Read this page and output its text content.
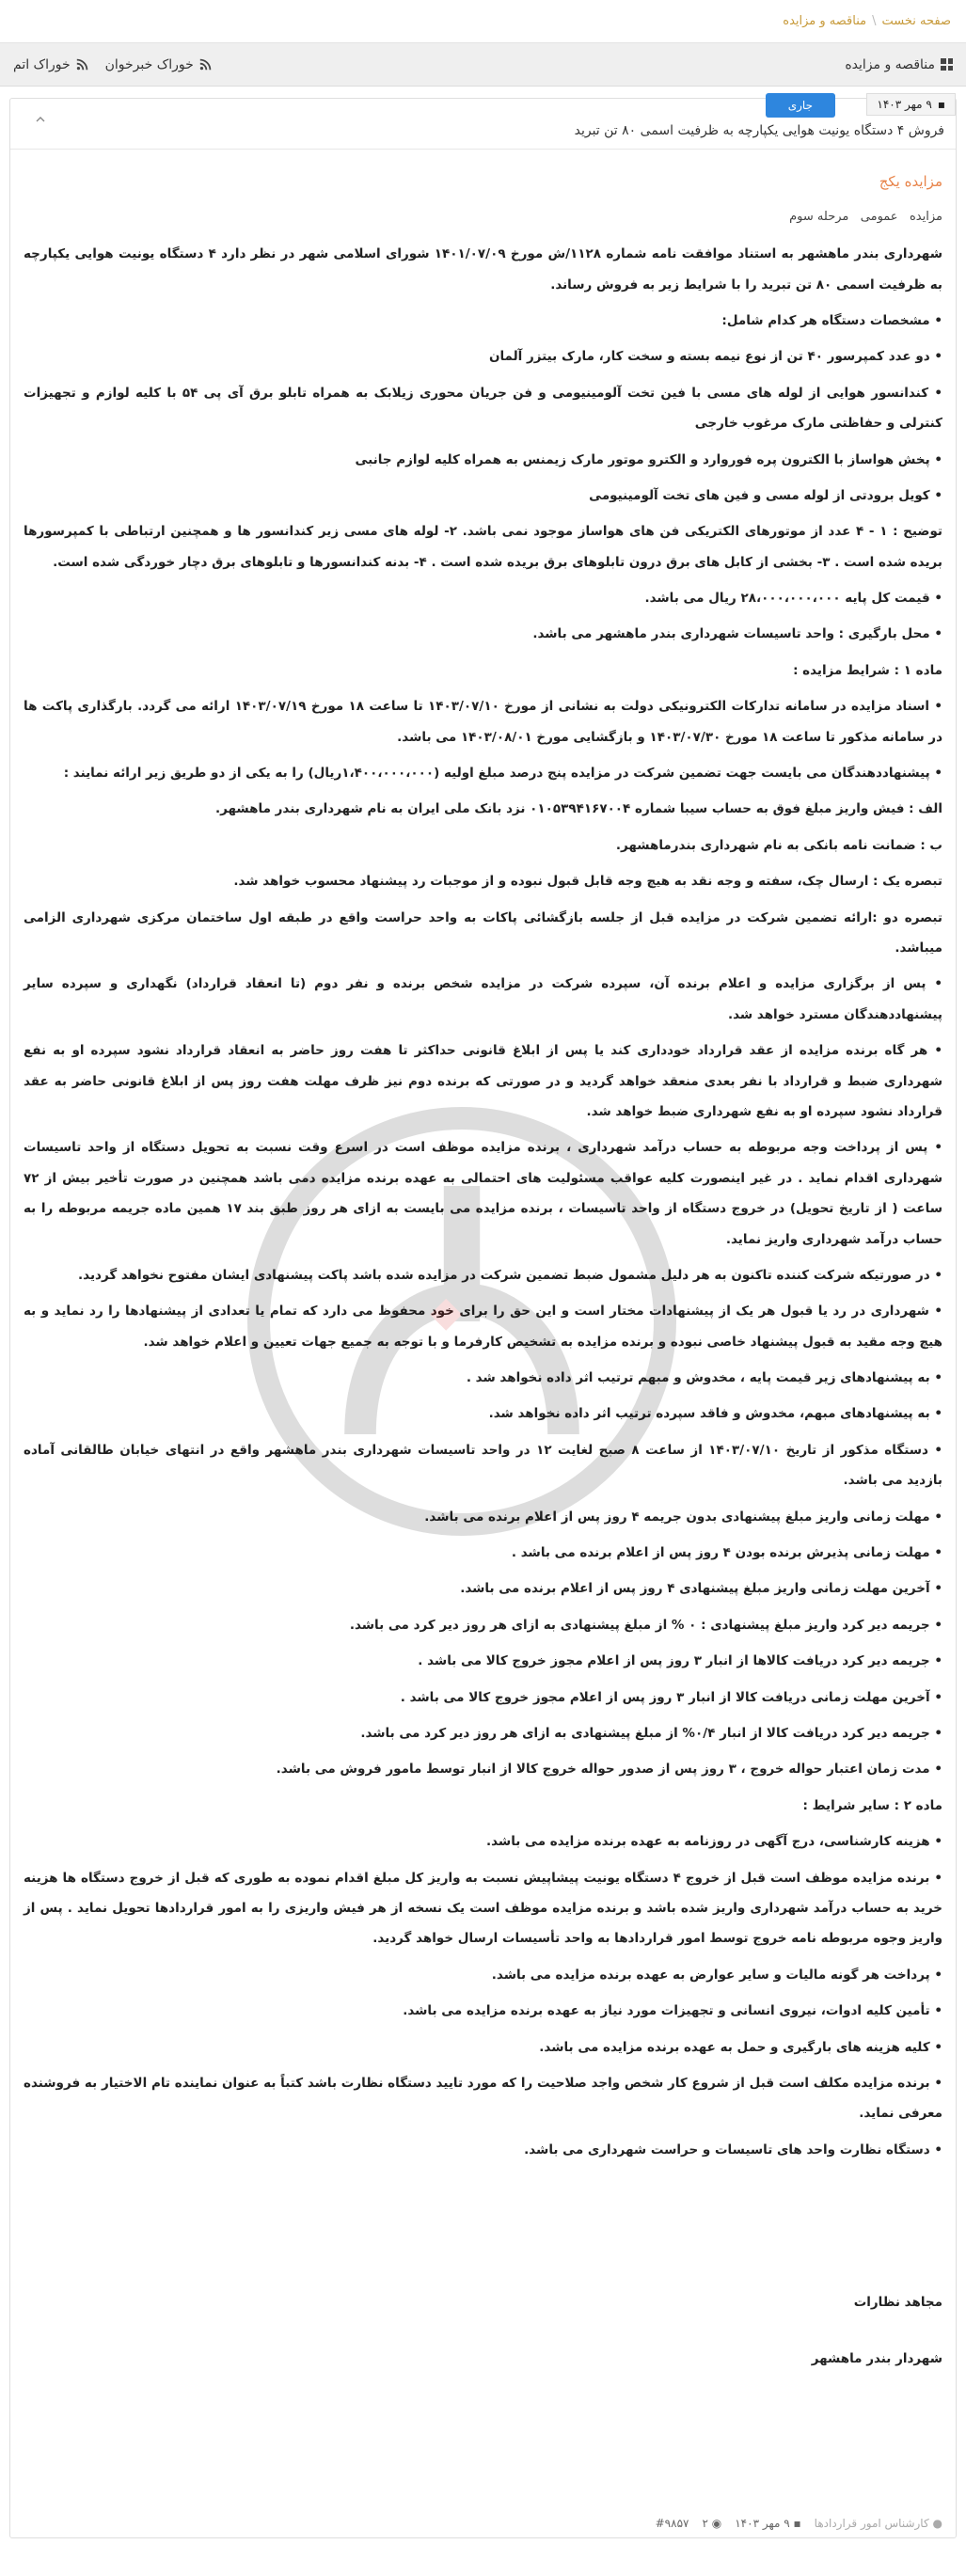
صفحه نخست
\
مناقصه و مزایده
مناقصه و مزایده
خوراک خبرخوان
خوراک اتم
▪
۹ مهر ۱۴۰۳
جاری
فروش ۴ دستگاه یونیت هوایی یکپارچه به ظرفیت اسمی ۸۰ تن تبرید
مزایده یکج
مزایده   عمومی   مرحله سوم

شهرداری بندر ماهشهر به استناد موافقت نامه شماره ۱۱۲۸/ش مورخ ۱۴۰۱/۰۷/۰۹ شورای اسلامی شهر در نظر دارد ۴ دستگاه یونیت هوایی یکپارچه به ظرفیت اسمی ۸۰ تن تبرید را با شرایط زیر به فروش رساند.

• مشخصات دستگاه هر کدام شامل:

• دو عدد کمپرسور ۴۰ تن از نوع نیمه بسته و سخت کار، مارک بیتزر آلمان

• کندانسور هوایی از لوله های مسی با فین تخت آلومینیومی و فن جریان محوری زیلابک به همراه تابلو برق آی پی ۵۴ با کلیه لوازم و تجهیزات کنترلی و حفاظتی مارک مرغوب خارجی

• پخش هواساز با الکترون پره فوروارد و الکترو موتور مارک زیمنس به همراه کلیه لوازم جانبی

• کویل برودتی از لوله مسی و فین های تخت آلومینیومی

توضیح : ۱ - ۴ عدد از موتورهای الکتریکی فن های هواساز موجود نمی باشد. ۲- لوله های مسی زیر کندانسور ها و همچنین ارتباطی با کمپرسورها بریده شده است . ۳- بخشی از کابل های برق درون تابلوهای برق بریده شده است . ۴- بدنه کندانسورها و تابلوهای برق دچار خوردگی شده است.

• قیمت کل پایه ۲۸،۰۰۰،۰۰۰،۰۰۰ ریال می باشد.

• محل بارگیری : واحد تاسیسات شهرداری بندر ماهشهر می باشد.

ماده ۱ : شرایط مزایده :

• اسناد مزایده در سامانه تدارکات الکترونیکی دولت به نشانی از مورخ ۱۴۰۳/۰۷/۱۰ تا ساعت ۱۸ مورخ ۱۴۰۳/۰۷/۱۹ ارائه می گردد. بارگذاری پاکت ها در سامانه مذکور تا ساعت ۱۸ مورخ ۱۴۰۳/۰۷/۳۰ و بازگشایی مورخ ۱۴۰۳/۰۸/۰۱ می باشد.

• پیشنهاددهندگان می بایست جهت تضمین شرکت در مزایده پنج درصد مبلغ اولیه (۱،۴۰۰،۰۰۰،۰۰۰ریال) را به یکی از دو طریق زیر ارائه نمایند :

الف : فیش واریز مبلغ فوق به حساب سیبا شماره ۰۱۰۵۳۹۴۱۶۷۰۰۴ نزد بانک ملی ایران به نام شهرداری بندر ماهشهر.

ب : ضمانت نامه بانکی به نام شهرداری بندرماهشهر.

تبصره یک : ارسال چک، سفته و وجه نقد به هیچ وجه قابل قبول نبوده و از موجبات رد پیشنهاد محسوب خواهد شد.

تبصره دو :ارائه تضمین شرکت در مزایده قبل از جلسه بازگشائی پاکات به واحد حراست واقع در طبقه اول ساختمان مرکزی شهرداری الزامی میباشد.

• پس از برگزاری مزایده و اعلام برنده آن، سپرده شرکت در مزایده شخص برنده و نفر دوم (تا انعقاد قرارداد) نگهداری و سپرده سایر پیشنهاددهندگان مسترد خواهد شد.

• هر گاه برنده مزایده از عقد قرارداد خودداری کند یا پس از ابلاغ قانونی حداکثر تا هفت روز حاضر به انعقاد قرارداد نشود سپرده او به نفع شهرداری ضبط و قرارداد با نفر بعدی منعقد خواهد گردید و در صورتی که برنده دوم نیز ظرف مهلت هفت روز پس از ابلاغ قانونی حاضر به عقد قرارداد نشود سپرده او به نفع شهرداری ضبط خواهد شد.

• پس از پرداخت وجه مربوطه به حساب درآمد شهرداری ، برنده مزایده موظف است در اسرع وقت نسبت به تحویل دستگاه از واحد تاسیسات شهرداری اقدام نماید . در غیر اینصورت کلیه عواقب مسئولیت های احتمالی به عهده برنده مزایده دمی باشد همچنین در صورت تأخیر بیش از ۷۲ ساعت ( از تاریخ تحویل) در خروج دستگاه از واحد تاسیسات ، برنده مزایده می بایست به ازای هر روز طبق بند ۱۷ همین ماده جریمه مربوطه را به حساب درآمد شهرداری واریز نماید.

• در صورتیکه شرکت کننده تاکنون به هر دلیل مشمول ضبط تضمین شرکت در مزایده شده باشد پاکت پیشنهادی ایشان مفتوح نخواهد گردید.

• شهرداری در رد یا قبول هر یک از پیشنهادات مختار است و این حق را برای خود محفوظ می دارد که تمام یا تعدادی از پیشنهادها را رد نماید و به هیچ وجه مقید به قبول پیشنهاد خاصی نبوده و برنده مزایده به تشخیص کارفرما و با توجه به جمیع جهات تعیین و اعلام خواهد شد.

• به پیشنهادهای زیر قیمت پایه ، مخدوش و مبهم ترتیب اثر داده نخواهد شد .

• به پیشنهادهای مبهم، مخدوش و فاقد سپرده ترتیب اثر داده نخواهد شد.

• دستگاه مذکور از تاریخ ۱۴۰۳/۰۷/۱۰ از ساعت ۸ صبح لغایت ۱۲ در واحد تاسیسات شهرداری بندر ماهشهر واقع در انتهای خیابان طالقانی آماده بازدید می باشد.

• مهلت زمانی واریز مبلغ پیشنهادی بدون جریمه ۴ روز پس از اعلام برنده می باشد.

• مهلت زمانی پذیرش برنده بودن ۴ روز پس از اعلام برنده می باشد .

• آخرین مهلت زمانی واریز مبلغ پیشنهادی ۴ روز پس از اعلام برنده می باشد.

• جریمه دیر کرد واریز مبلغ پیشنهادی : ۰ % از مبلغ پیشنهادی به ازای هر روز دیر کرد می باشد.

• جریمه دیر کرد دریافت کالاها از انبار ۳ روز پس از اعلام مجوز خروج کالا می باشد .

• آخرین مهلت زمانی دریافت کالا از انبار ۳ روز پس از اعلام مجوز خروج کالا می باشد .

• جریمه دیر کرد دریافت کالا از انبار ۰/۴% از مبلغ پیشنهادی به ازای هر روز دیر کرد می باشد.

• مدت زمان اعتبار حواله خروج ، ۳ روز پس از صدور حواله خروج کالا از انبار توسط مامور فروش می باشد.

ماده ۲ : سایر شرایط :

• هزینه کارشناسی، درج آگهی در روزنامه به عهده برنده مزایده می باشد.

• برنده مزایده موظف است قبل از خروج ۴ دستگاه یونیت پیشاپیش نسبت به واریز کل مبلغ اقدام نموده به طوری که قبل از خروج دستگاه ها هزینه خرید به حساب درآمد شهرداری واریز شده باشد و برنده مزایده موظف است یک نسخه از هر فیش واریزی را به امور قراردادها تحویل نماید . پس از واریز وجوه مربوطه نامه خروج توسط امور قراردادها به واحد تأسیسات ارسال خواهد گردید.

• پرداخت هر گونه مالیات و سایر عوارض به عهده برنده مزایده می باشد.

• تأمین کلیه ادوات، نیروی انسانی و تجهیزات مورد نیاز به عهده برنده مزایده می باشد.

• کلیه هزینه های بارگیری و حمل به عهده برنده مزایده می باشد.

• برنده مزایده مکلف است قبل از شروع کار شخص واجد صلاحیت را که مورد تایید دستگاه نظارت باشد کتباً به عنوان نماینده تام الاختیار به فروشنده معرفی نماید.

• دستگاه نظارت واحد های تاسیسات و حراست شهرداری می باشد.

مجاهد نظارات
شهردار بندر ماهشهر
● کارشناس امور قراردادها
▪ ۹ مهر ۱۴۰۳
◉ ۲
#۹۸۵۷
